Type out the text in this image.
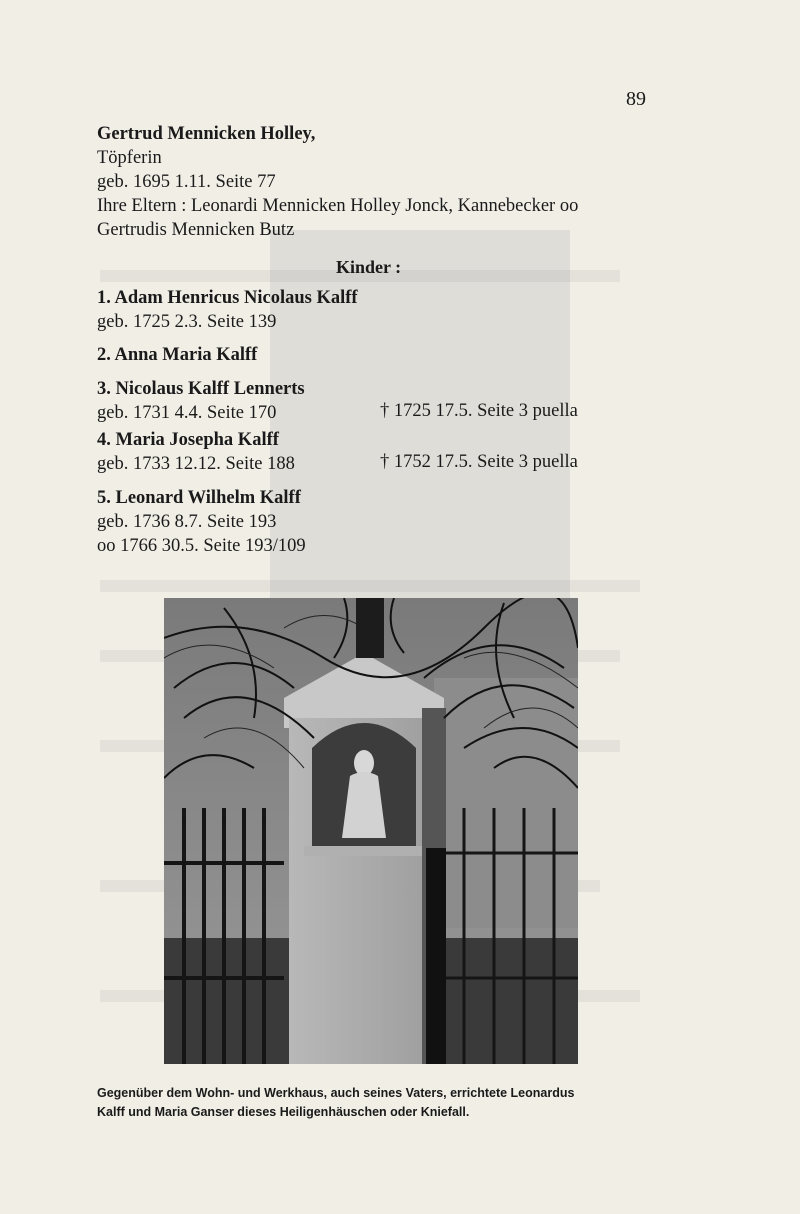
89
Gertrud Mennicken Holley,
Töpferin
geb. 1695 1.11. Seite 77
Ihre Eltern : Leonardi Mennicken Holley Jonck, Kannebecker oo
Gertrudis Mennicken Butz
Kinder :
1. Adam Henricus Nicolaus Kalff
geb. 1725 2.3. Seite 139
2. Anna Maria Kalff
3. Nicolaus Kalff Lennerts
geb. 1731 4.4. Seite 170	† 1725 17.5. Seite 3 puella
4. Maria Josepha Kalff
geb. 1733 12.12. Seite 188	† 1752 17.5. Seite 3 puella
5. Leonard Wilhelm Kalff
geb. 1736 8.7. Seite 193
oo 1766 30.5. Seite 193/109
Gegenüber dem Wohn- und Werkhaus, auch seines Vaters, errichtete Leonardus
Kalff und Maria Ganser dieses Heiligenhäuschen oder Kniefall.
